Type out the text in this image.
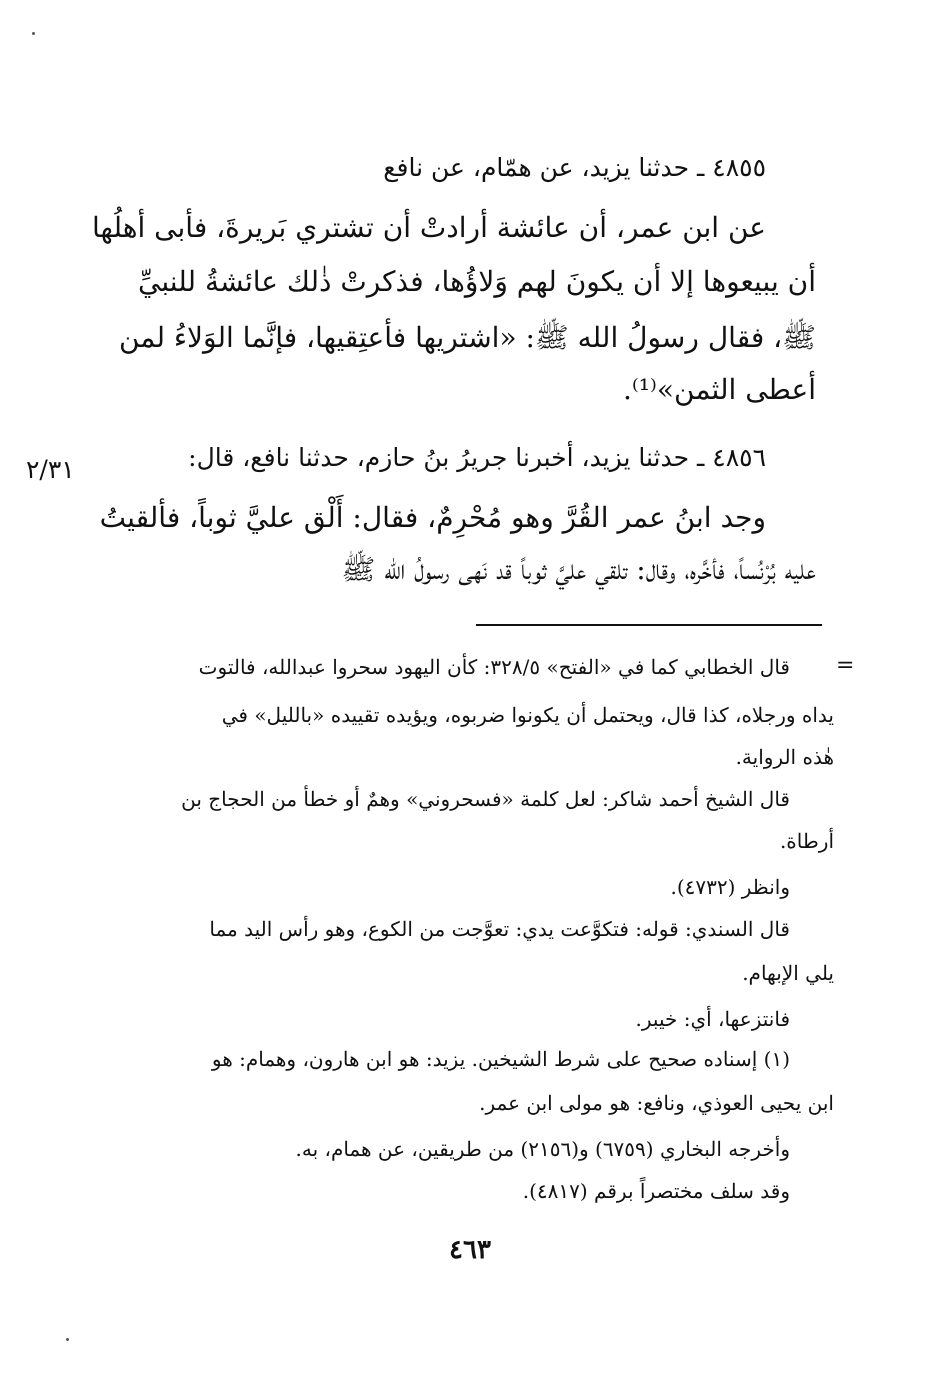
٤٨٥٥ ـ حدثنا يزيد، عن همّام، عن نافع
عن ابن عمر، أن عائشة أرادتْ أن تشتري بَريرةَ، فأبى أهلُها
أن يبيعوها إلا أن يكونَ لهم وَلاؤُها، فذكرتْ ذٰلك عائشةُ للنبيِّ
ﷺ، فقال رسولُ الله ﷺ: «اشتريها فأعتِقيها، فإنَّما الوَلاءُ لمن
أعطى الثمن»⁽¹⁾.
٢/٣١	٤٨٥٦ ـ حدثنا يزيد، أخبرنا جريرُ بنُ حازم، حدثنا نافع، قال:
وجد ابنُ عمر القُرَّ وهو مُحْرِمٌ، فقال: أَلْق عليَّ ثوباً، فألقيتُ
عليه بُرْنُساً، فأخَّره، وقال: تلقي عليَّ ثوباً قد نَهى رسولُ الله ﷺ
=
قال الخطابي كما في «الفتح» ٣٢٨/٥: كأن اليهود سحروا عبدالله، فالتوت
يداه ورجلاه، كذا قال، ويحتمل أن يكونوا ضربوه، ويؤيده تقييده «بالليل» في
هٰذه الرواية.
قال الشيخ أحمد شاكر: لعل كلمة «فسحروني» وهمٌ أو خطأ من الحجاج بن
أرطاة.
وانظر (٤٧٣٢).
قال السندي: قوله: فتكوَّعت يدي: تعوَّجت من الكوع، وهو رأس اليد مما
يلي الإبهام.
فانتزعها، أي: خيبر.
(١) إسناده صحيح على شرط الشيخين. يزيد: هو ابن هارون، وهمام: هو
ابن يحيى العوذي، ونافع: هو مولى ابن عمر.
وأخرجه البخاري (٦٧٥٩) و(٢١٥٦) من طريقين، عن همام، به.
وقد سلف مختصراً برقم (٤٨١٧).
٤٦٣
